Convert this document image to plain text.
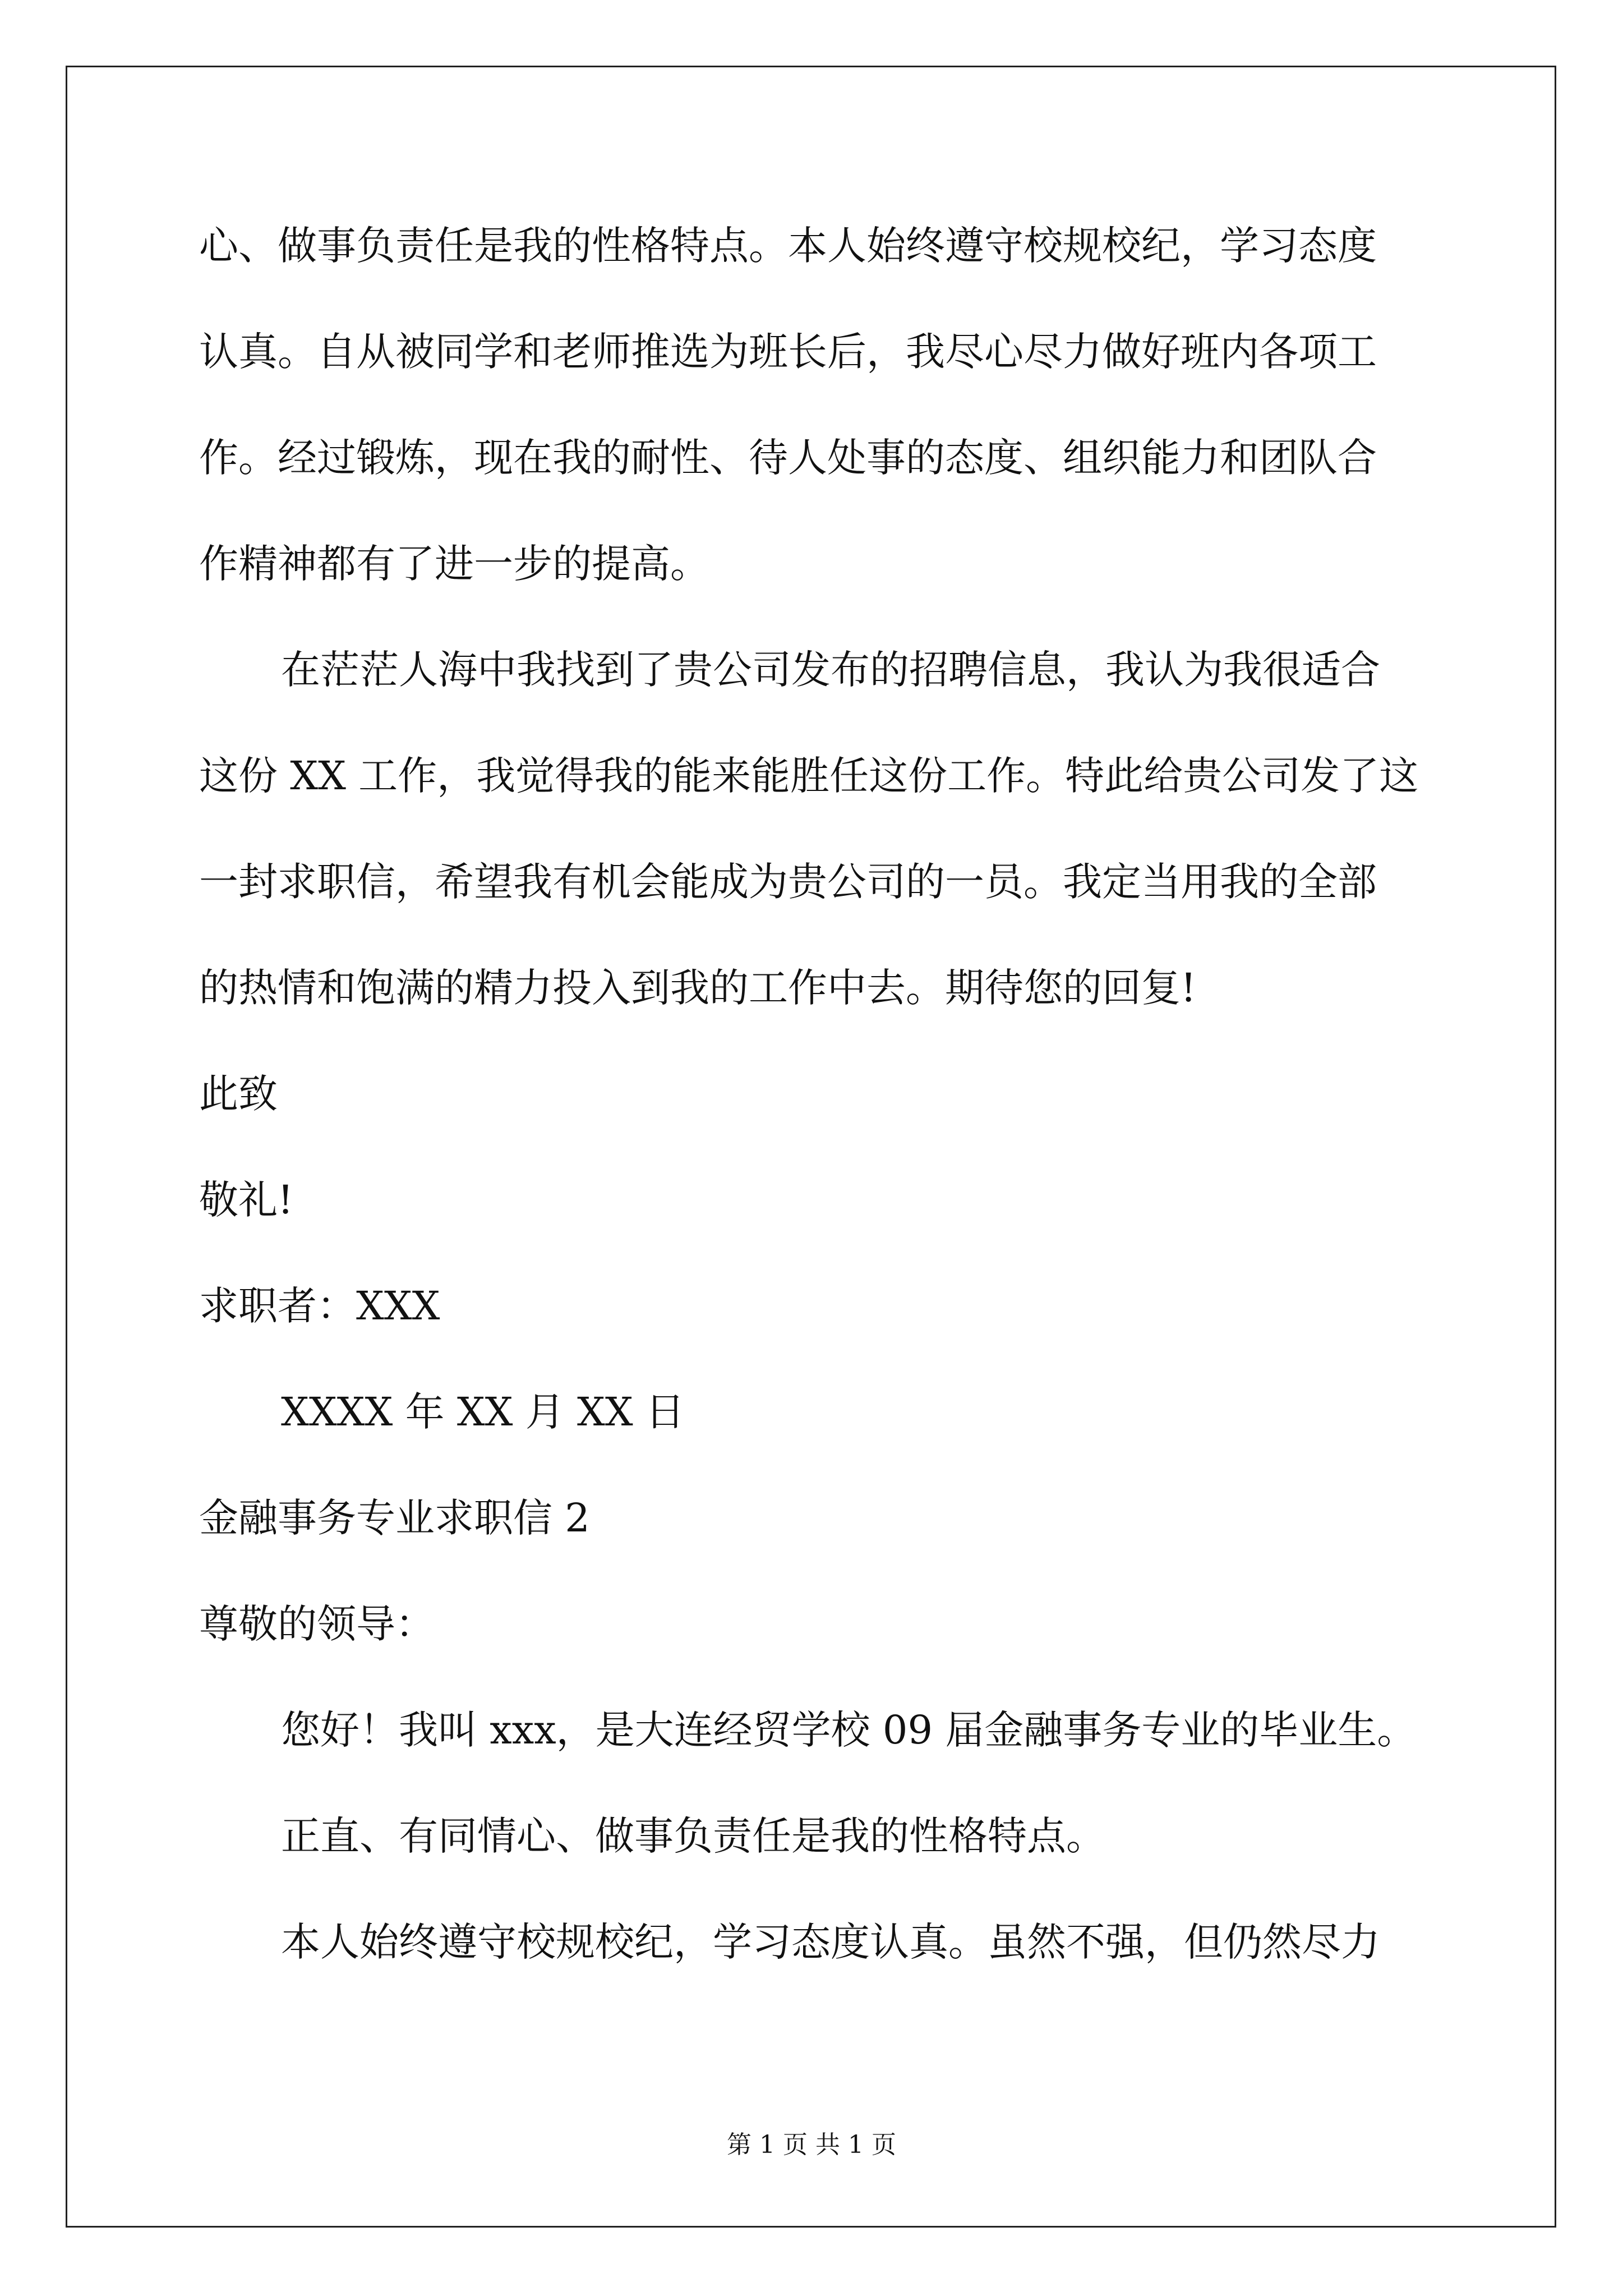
心、做事负责任是我的性格特点。本人始终遵守校规校纪，学习态度
认真。自从被同学和老师推选为班长后，我尽心尽力做好班内各项工
作。经过锻炼，现在我的耐性、待人处事的态度、组织能力和团队合
作精神都有了进一步的提高。
在茫茫人海中我找到了贵公司发布的招聘信息，我认为我很适合
这份 XX 工作，我觉得我的能来能胜任这份工作。特此给贵公司发了这
一封求职信，希望我有机会能成为贵公司的一员。我定当用我的全部
的热情和饱满的精力投入到我的工作中去。期待您的回复!
此致
敬礼!
求职者：XXX
XXXX 年 XX 月 XX 日
金融事务专业求职信 2
尊敬的领导：
您好！我叫 xxx，是大连经贸学校 09 届金融事务专业的毕业生。
正直、有同情心、做事负责任是我的性格特点。
本人始终遵守校规校纪，学习态度认真。虽然不强，但仍然尽力
第 1 页 共 1 页
